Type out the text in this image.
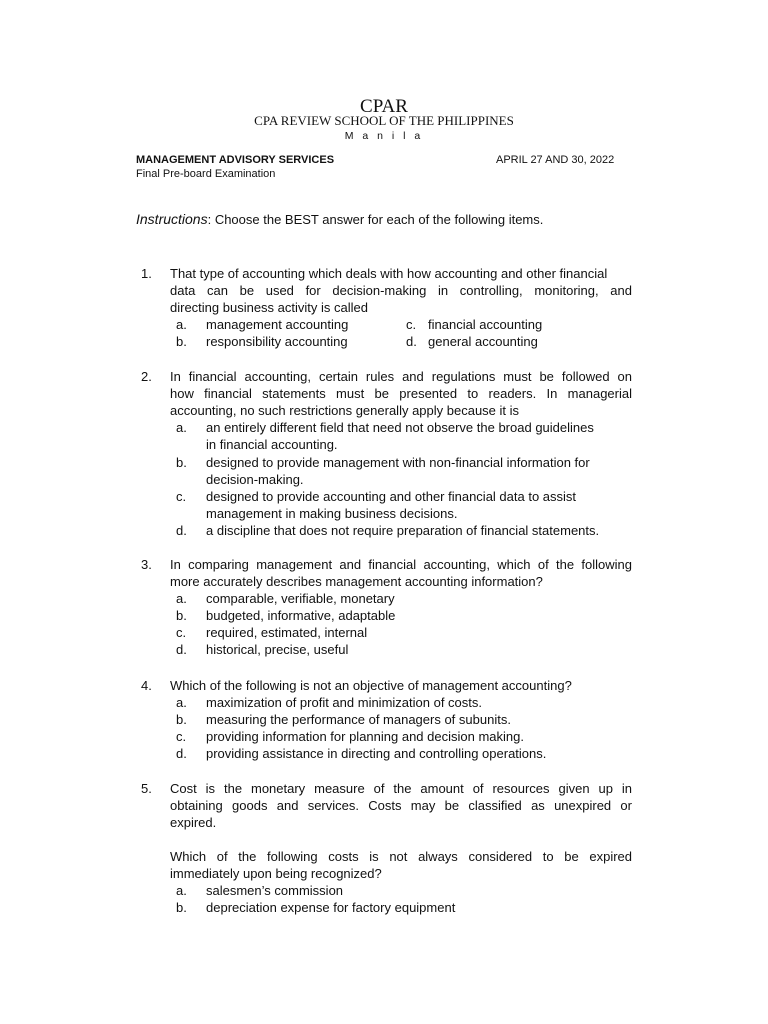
CPAR
CPA REVIEW SCHOOL OF THE PHILIPPINES
M a n i l a
MANAGEMENT ADVISORY SERVICES	APRIL 27 AND 30, 2022
Final Pre-board Examination
Instructions: Choose the BEST answer for each of the following items.
1. That type of accounting which deals with how accounting and other financial
data can be used for decision-making in controlling, monitoring, and
directing business activity is called
a. management accounting	c. financial accounting
b. responsibility accounting	d. general accounting
2. In financial accounting, certain rules and regulations must be followed on
how financial statements must be presented to readers. In managerial
accounting, no such restrictions generally apply because it is
a. an entirely different field that need not observe the broad guidelines
in financial accounting.
b. designed to provide management with non-financial information for
decision-making.
c. designed to provide accounting and other financial data to assist
management in making business decisions.
d. a discipline that does not require preparation of financial statements.
3. In comparing management and financial accounting, which of the following
more accurately describes management accounting information?
a. comparable, verifiable, monetary
b. budgeted, informative, adaptable
c. required, estimated, internal
d. historical, precise, useful
4. Which of the following is not an objective of management accounting?
a. maximization of profit and minimization of costs.
b. measuring the performance of managers of subunits.
c. providing information for planning and decision making.
d. providing assistance in directing and controlling operations.
5. Cost is the monetary measure of the amount of resources given up in
obtaining goods and services. Costs may be classified as unexpired or
expired.
Which of the following costs is not always considered to be expired
immediately upon being recognized?
a. salesmen’s commission
b. depreciation expense for factory equipment
